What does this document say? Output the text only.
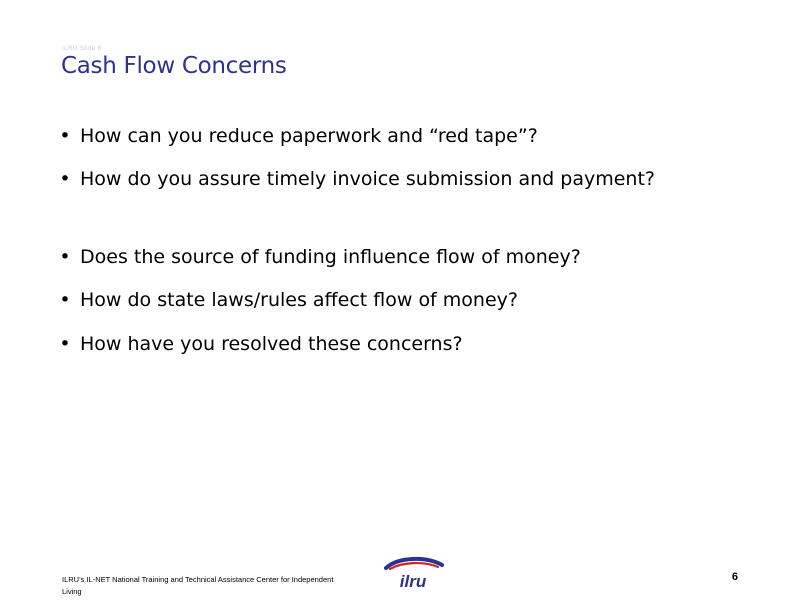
ILRU Slide 6
Cash Flow Concerns
• How can you reduce paperwork and “red tape”?
• How do you assure timely invoice submission and payment?
• Does the source of funding influence flow of money?
• How do state laws/rules affect flow of money?
• How have you resolved these concerns?
ILRU’s IL-NET National Training and Technical Assistance Center for Independent Living
ilru	6
